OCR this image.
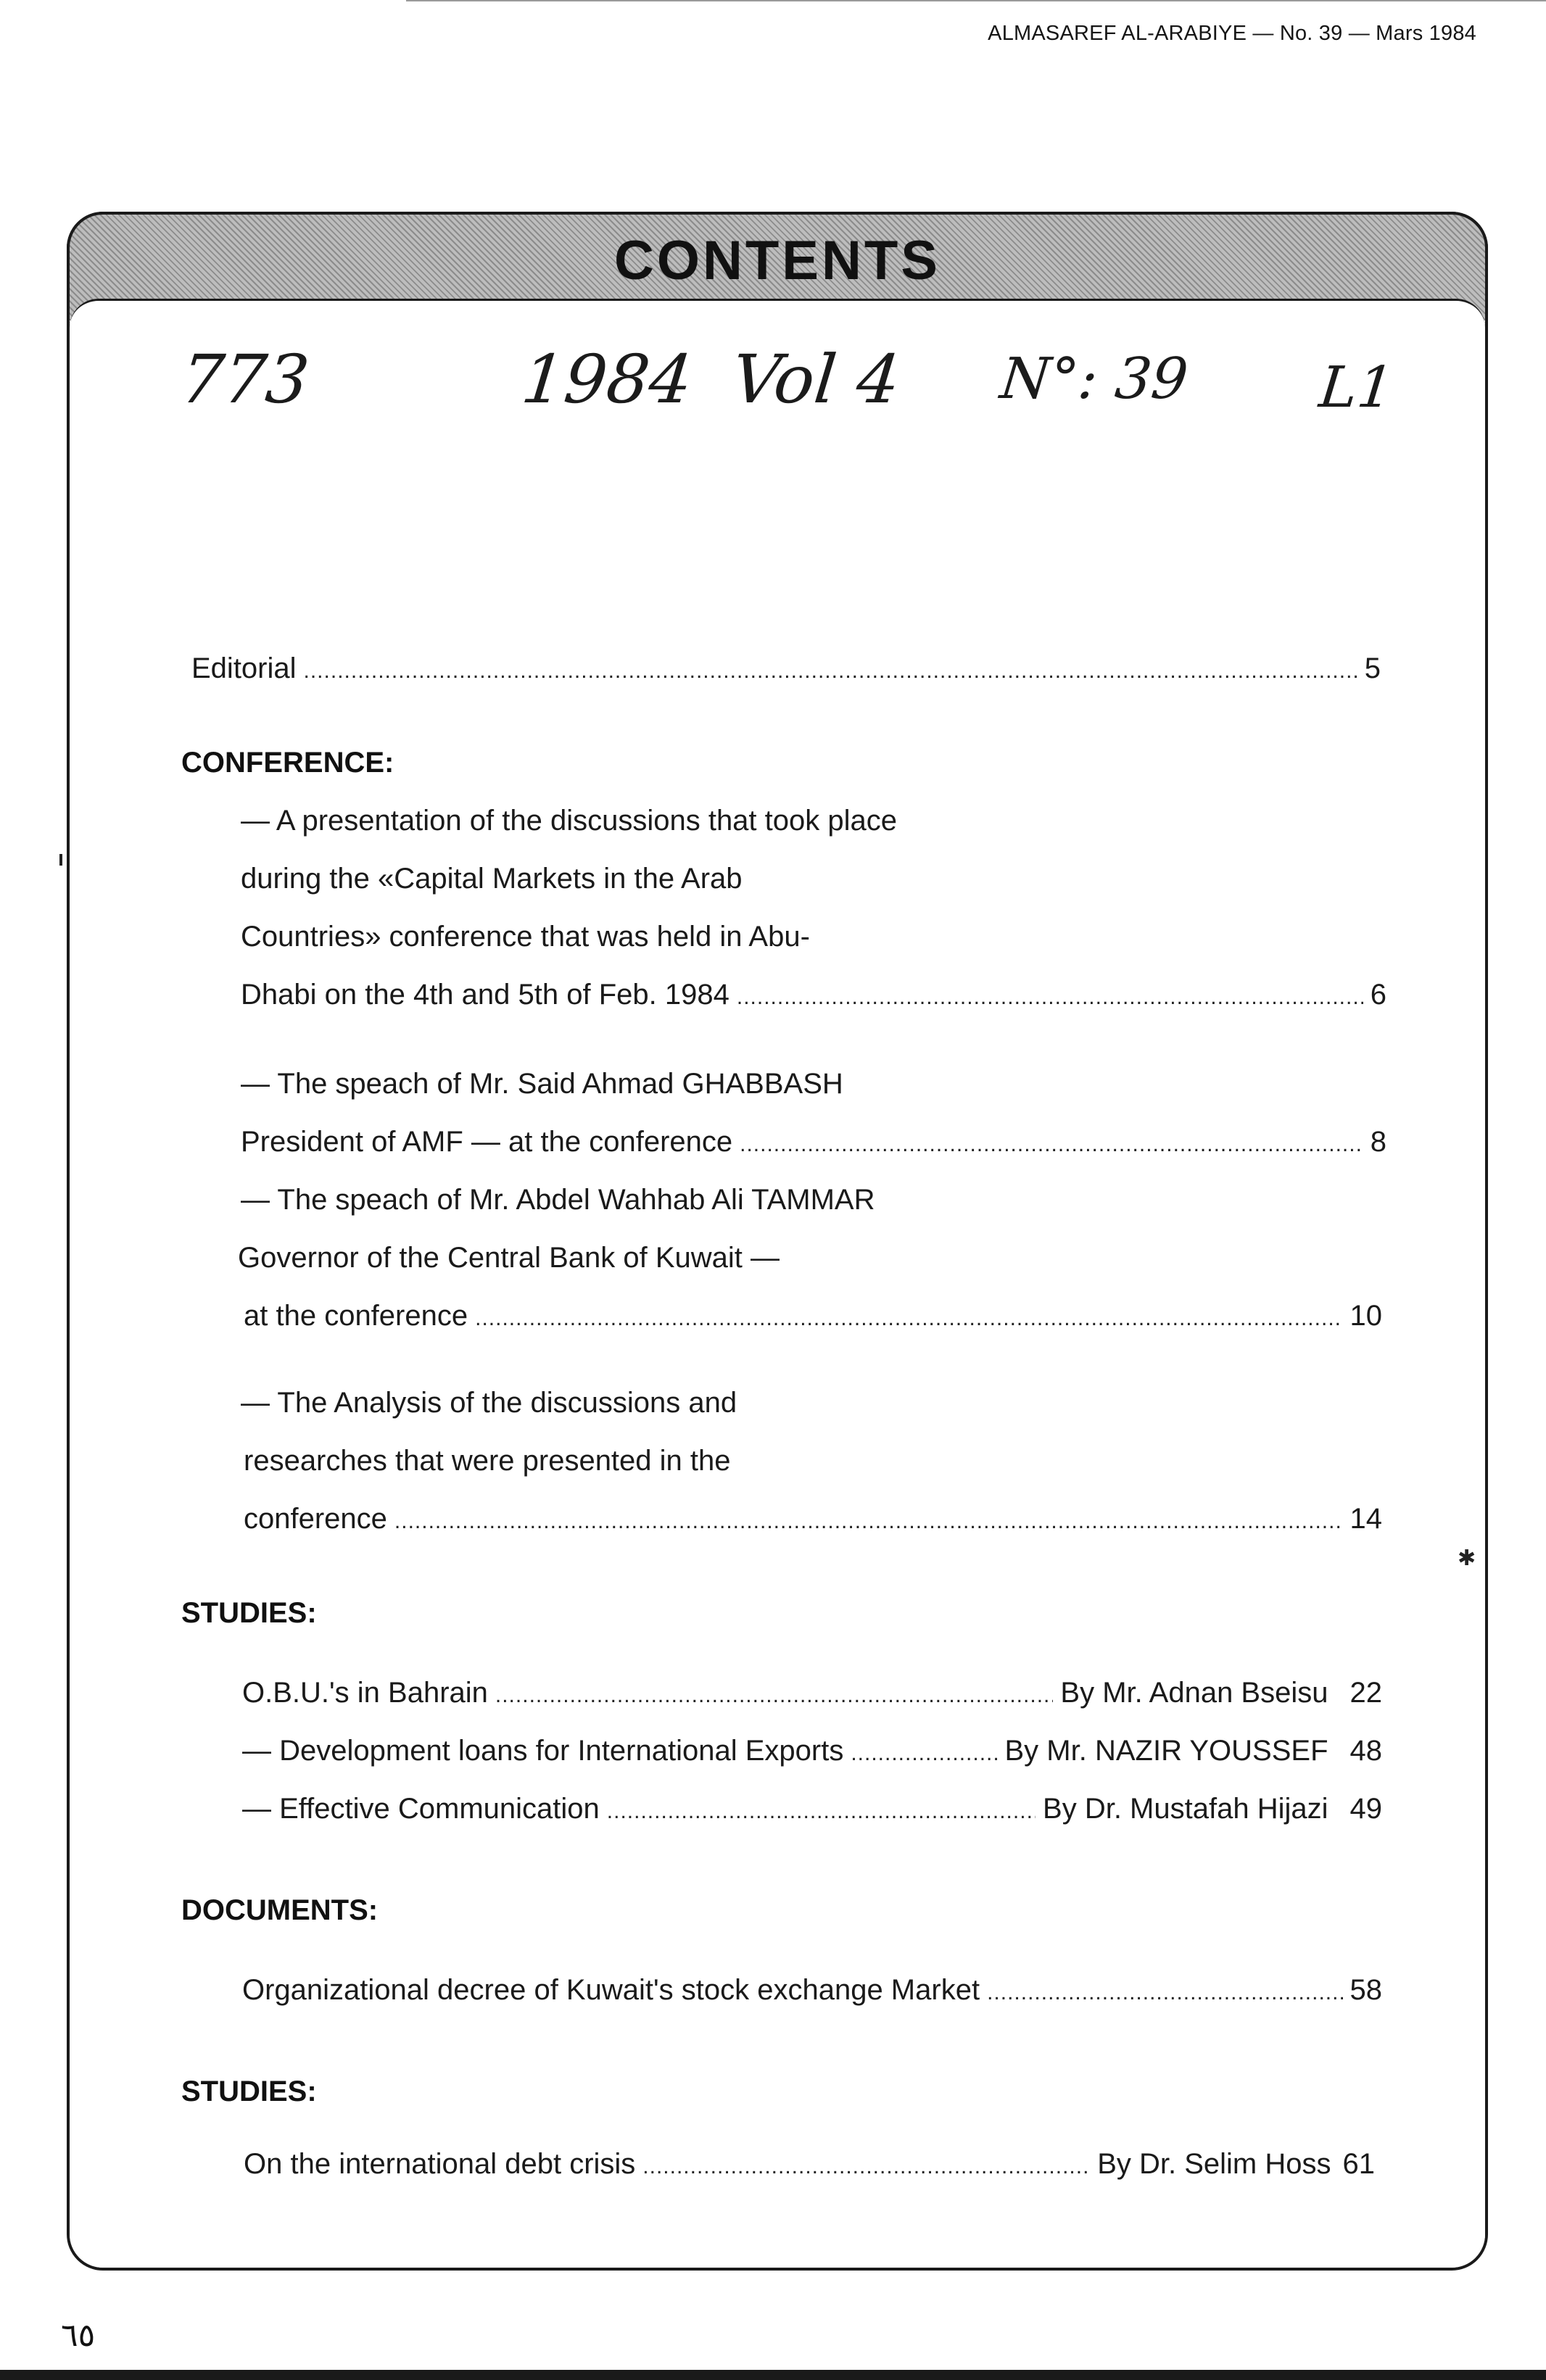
ALMASAREF AL-ARABIYE — No. 39 — Mars 1984
CONTENTS
773	1984 Vol 4 N°: 39 L1
Editorial .....	5
CONFERENCE:
— A presentation of the discussions that took place
during the «Capital Markets in the Arab
Countries» conference that was held in Abu-
Dhabi on the 4th and 5th of Feb. 1984 .....	6
— The speach of Mr. Said Ahmad GHABBASH
President of AMF — at the conference .....	8
— The speach of Mr. Abdel Wahhab Ali TAMMAR
Governor of the Central Bank of Kuwait —
at the conference .....	10
— The Analysis of the discussions and
researches that were presented in the
conference .....	14
STUDIES:
O.B.U.'s in Bahrain .....	By Mr. Adnan Bseisu 22
— Development loans for International Exports .....	By Mr. NAZIR YOUSSEF 48
— Effective Communication .....	By Dr. Mustafah Hijazi 49
DOCUMENTS:
Organizational decree of Kuwait's stock exchange Market .....	58
STUDIES:
On the international debt crisis .....	By Dr. Selim Hoss 61
✱
٦٥
